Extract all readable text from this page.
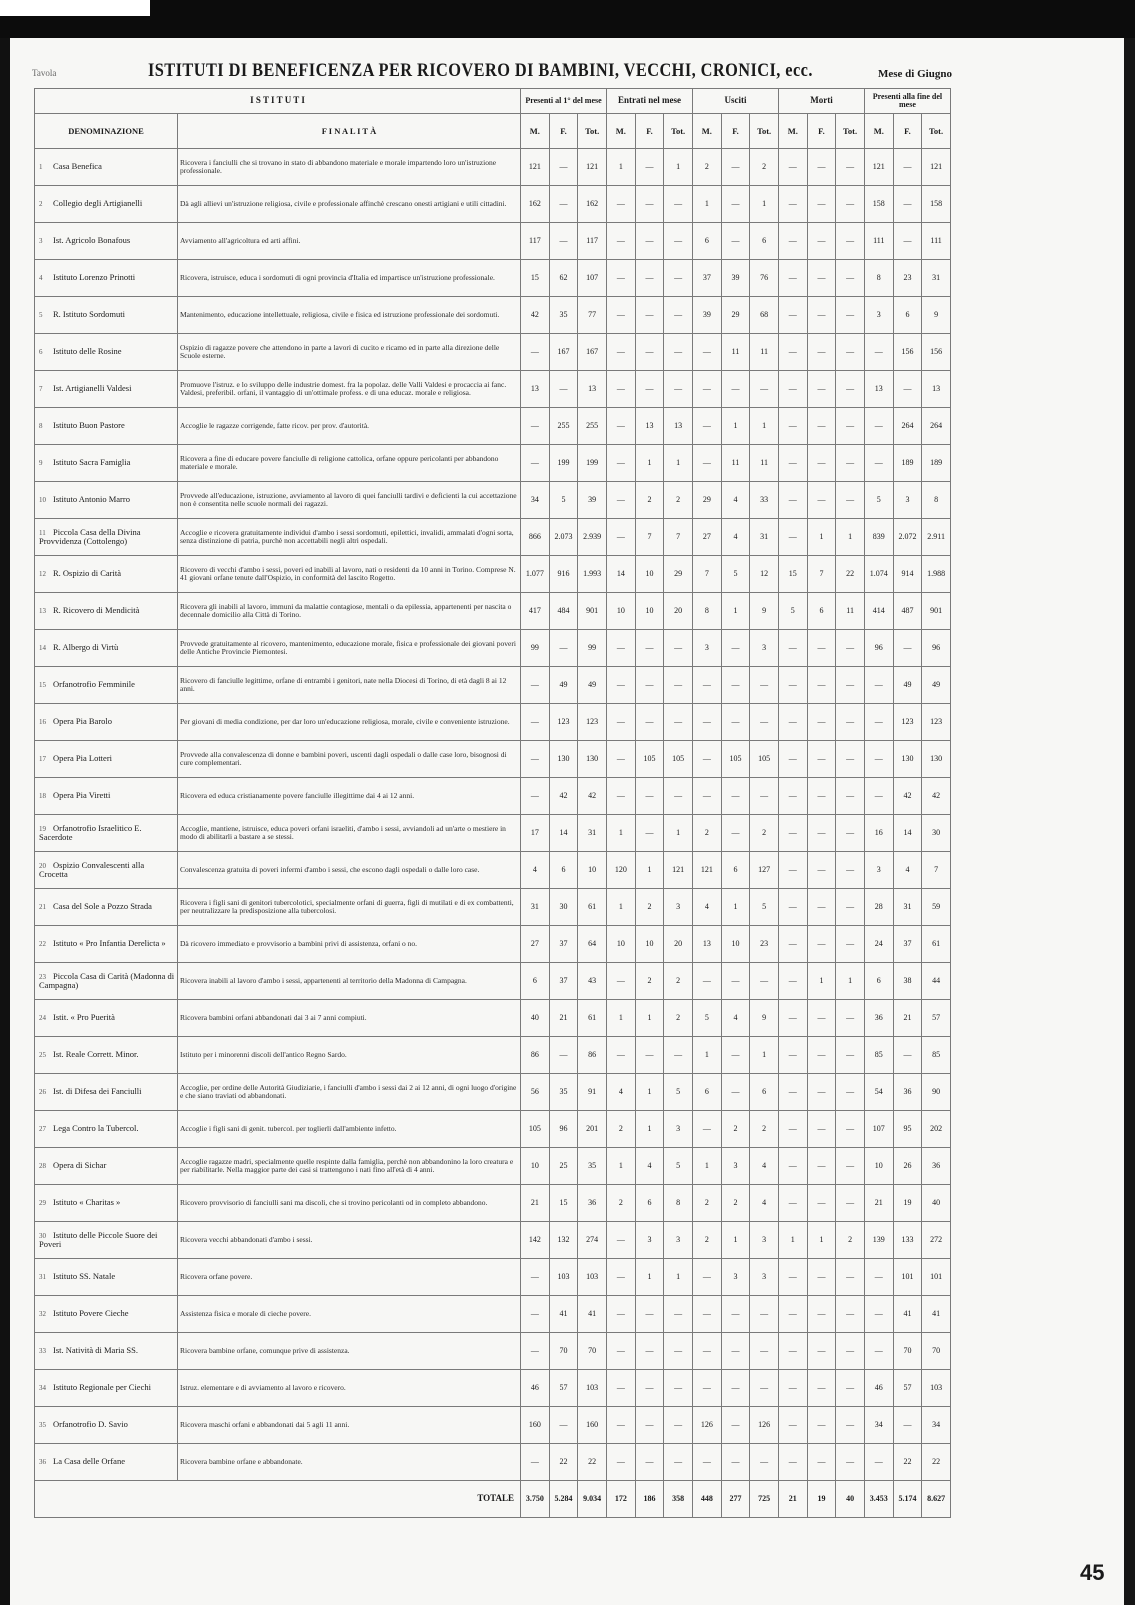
Tavola	ISTITUTI DI BENEFICENZA PER RICOVERO DI BAMBINI, VECCHI, CRONICI, ecc.	Mese di Giugno
I S T I T U T I		Presenti al 1° del mese			Entrati nel mese			Usciti			Morti			Presenti alla fine del mese		
DENOMINAZIONE	F I N A L I T À	M.	F.	Tot.	M.	F.	Tot.	M.	F.	Tot.	M.	F.	Tot.	M.	F.	Tot.
1 Casa Benefica	Ricovera i fanciulli che si trovano in stato di abbandono materiale e morale impartendo loro un'istruzione professionale.	121	—	121	1	—	1	2	—	2	—	—	—	121	—	121
2 Collegio degli Artigianelli	Dà agli allievi un'istruzione religiosa, civile e professionale affinchè crescano onesti artigiani e utili cittadini.	162	—	162	—	—	—	1	—	1	—	—	—	158	—	158
3 Ist. Agricolo Bonafous	Avviamento all'agricoltura ed arti affini.	117	—	117	—	—	—	6	—	6	—	—	—	111	—	111
4 Istituto Lorenzo Prinotti	Ricovera, istruisce, educa i sordomuti di ogni provincia d'Italia ed impartisce un'istruzione professionale.	15	62	107	—	—	—	37	39	76	—	—	—	8	23	31
5 R. Istituto Sordomuti	Mantenimento, educazione intellettuale, religiosa, civile e fisica ed istruzione professionale dei sordomuti.	42	35	77	—	—	—	39	29	68	—	—	—	3	6	9
6 Istituto delle Rosine	Ospizio di ragazze povere che attendono in parte a lavori di cucito e ricamo ed in parte alla direzione delle Scuole esterne.	—	167	167	—	—	—	—	11	11	—	—	—	—	156	156
7 Ist. Artigianelli Valdesi	Promuove l'istruz. e lo sviluppo delle industrie domest. fra la popolaz. delle Valli Valdesi e procaccia ai fanc. Valdesi, preferibil. orfani, il vantaggio di un'ottimale profess. e di una educaz. morale e religiosa.	13	—	13	—	—	—	—	—	—	—	—	—	13	—	13
8 Istituto Buon Pastore	Accoglie le ragazze corrigende, fatte ricov. per prov. d'autorità.	—	255	255	—	13	13	—	1	1	—	—	—	—	264	264
9 Istituto Sacra Famiglia	Ricovera a fine di educare povere fanciulle di religione cattolica, orfane oppure pericolanti per abbandono materiale e morale.	—	199	199	—	1	1	—	11	11	—	—	—	—	189	189
10 Istituto Antonio Marro	Provvede all'educazione, istruzione, avviamento al lavoro di quei fanciulli tardivi e deficienti la cui accettazione non è consentita nelle scuole normali dei ragazzi.	34	5	39	—	2	2	29	4	33	—	—	—	5	3	8
11 Piccola Casa della Divina Provvidenza (Cottolengo)	Accoglie e ricovera gratuitamente individui d'ambo i sessi sordomuti, epilettici, invalidi, ammalati d'ogni sorta, senza distinzione di patria, purchè non accettabili negli altri ospedali.	866	2.073	2.939	—	7	7	27	4	31	—	1	1	839	2.072	2.911
12 R. Ospizio di Carità	Ricovero di vecchi d'ambo i sessi, poveri ed inabili al lavoro, nati o residenti da 10 anni in Torino. Comprese N. 41 giovani orfane tenute dall'Ospizio, in conformità del lascito Rogetto.	1.077	916	1.993	14	10	29	7	5	12	15	7	22	1.074	914	1.988
13 R. Ricovero di Mendicità	Ricovera gli inabili al lavoro, immuni da malattie contagiose, mentali o da epilessia, appartenenti per nascita o decennale domicilio alla Città di Torino.	417	484	901	10	10	20	8	1	9	5	6	11	414	487	901
14 R. Albergo di Virtù	Provvede gratuitamente al ricovero, mantenimento, educazione morale, fisica e professionale dei giovani poveri delle Antiche Provincie Piemontesi.	99	—	99	—	—	—	3	—	3	—	—	—	96	—	96
15 Orfanotrofio Femminile	Ricovero di fanciulle legittime, orfane di entrambi i genitori, nate nella Diocesi di Torino, di età dagli 8 ai 12 anni.	—	49	49	—	—	—	—	—	—	—	—	—	—	49	49
16 Opera Pia Barolo	Per giovani di media condizione, per dar loro un'educazione religiosa, morale, civile e conveniente istruzione.	—	123	123	—	—	—	—	—	—	—	—	—	—	123	123
17 Opera Pia Lotteri	Provvede alla convalescenza di donne e bambini poveri, uscenti dagli ospedali o dalle case loro, bisognosi di cure complementari.	—	130	130	—	105	105	—	105	105	—	—	—	—	130	130
18 Opera Pia Viretti	Ricovera ed educa cristianamente povere fanciulle illegittime dai 4 ai 12 anni.	—	42	42	—	—	—	—	—	—	—	—	—	—	42	42
19 Orfanotrofio Israelitico E. Sacerdote	Accoglie, mantiene, istruisce, educa poveri orfani israeliti, d'ambo i sessi, avviandoli ad un'arte o mestiere in modo di abilitarli a bastare a se stessi.	17	14	31	1	—	1	2	—	2	—	—	—	16	14	30
20 Ospizio Convalescenti alla Crocetta	Convalescenza gratuita di poveri infermi d'ambo i sessi, che escono dagli ospedali o dalle loro case.	4	6	10	120	1	121	121	6	127	—	—	—	3	4	7
21 Casa del Sole a Pozzo Strada	Ricovera i figli sani di genitori tubercolotici, specialmente orfani di guerra, figli di mutilati e di ex combattenti, per neutralizzare la predisposizione alla tubercolosi.	31	30	61	1	2	3	4	1	5	—	—	—	28	31	59
22 Istituto « Pro Infantia Derelicta »	Dà ricovero immediato e provvisorio a bambini privi di assistenza, orfani o no.	27	37	64	10	10	20	13	10	23	—	—	—	24	37	61
23 Piccola Casa di Carità (Madonna di Campagna)	Ricovera inabili al lavoro d'ambo i sessi, appartenenti al territorio della Madonna di Campagna.	6	37	43	—	2	2	—	—	—	—	1	1	6	38	44
24 Istit. « Pro Puerità	Ricovera bambini orfani abbandonati dai 3 ai 7 anni compiuti.	40	21	61	1	1	2	5	4	9	—	—	—	36	21	57
25 Ist. Reale Corrett. Minor.	Istituto per i minorenni discoli dell'antico Regno Sardo.	86	—	86	—	—	—	1	—	1	—	—	—	85	—	85
26 Ist. di Difesa dei Fanciulli	Accoglie, per ordine delle Autorità Giudiziarie, i fanciulli d'ambo i sessi dai 2 ai 12 anni, di ogni luogo d'origine e che siano traviati od abbandonati.	56	35	91	4	1	5	6	—	6	—	—	—	54	36	90
27 Lega Contro la Tubercol.	Accoglie i figli sani di genit. tubercol. per toglierli dall'ambiente infetto.	105	96	201	2	1	3	—	2	2	—	—	—	107	95	202
28 Opera di Sichar	Accoglie ragazze madri, specialmente quelle respinte dalla famiglia, perchè non abbandonino la loro creatura e per riabilitarle. Nella maggior parte dei casi si trattengono i nati fino all'età di 4 anni.	10	25	35	1	4	5	1	3	4	—	—	—	10	26	36
29 Istituto « Charitas »	Ricovero provvisorio di fanciulli sani ma discoli, che si trovino pericolanti od in completo abbandono.	21	15	36	2	6	8	2	2	4	—	—	—	21	19	40
30 Istituto delle Piccole Suore dei Poveri	Ricovera vecchi abbandonati d'ambo i sessi.	142	132	274	—	3	3	2	1	3	1	1	2	139	133	272
31 Istituto SS. Natale	Ricovera orfane povere.	—	103	103	—	1	1	—	3	3	—	—	—	—	101	101
32 Istituto Povere Cieche	Assistenza fisica e morale di cieche povere.	—	41	41	—	—	—	—	—	—	—	—	—	—	41	41
33 Ist. Natività di Maria SS.	Ricovera bambine orfane, comunque prive di assistenza.	—	70	70	—	—	—	—	—	—	—	—	—	—	70	70
34 Istituto Regionale per Ciechi	Istruz. elementare e di avviamento al lavoro e ricovero.	46	57	103	—	—	—	—	—	—	—	—	—	46	57	103
35 Orfanotrofio D. Savio	Ricovera maschi orfani e abbandonati dai 5 agli 11 anni.	160	—	160	—	—	—	126	—	126	—	—	—	34	—	34
36 La Casa delle Orfane	Ricovera bambine orfane e abbandonate.	—	22	22	—	—	—	—	—	—	—	—	—	—	22	22
TOTALE		3.750	5.284	9.034	172	186	358	448	277	725	21	19	40	3.453	5.174	8.627
45
